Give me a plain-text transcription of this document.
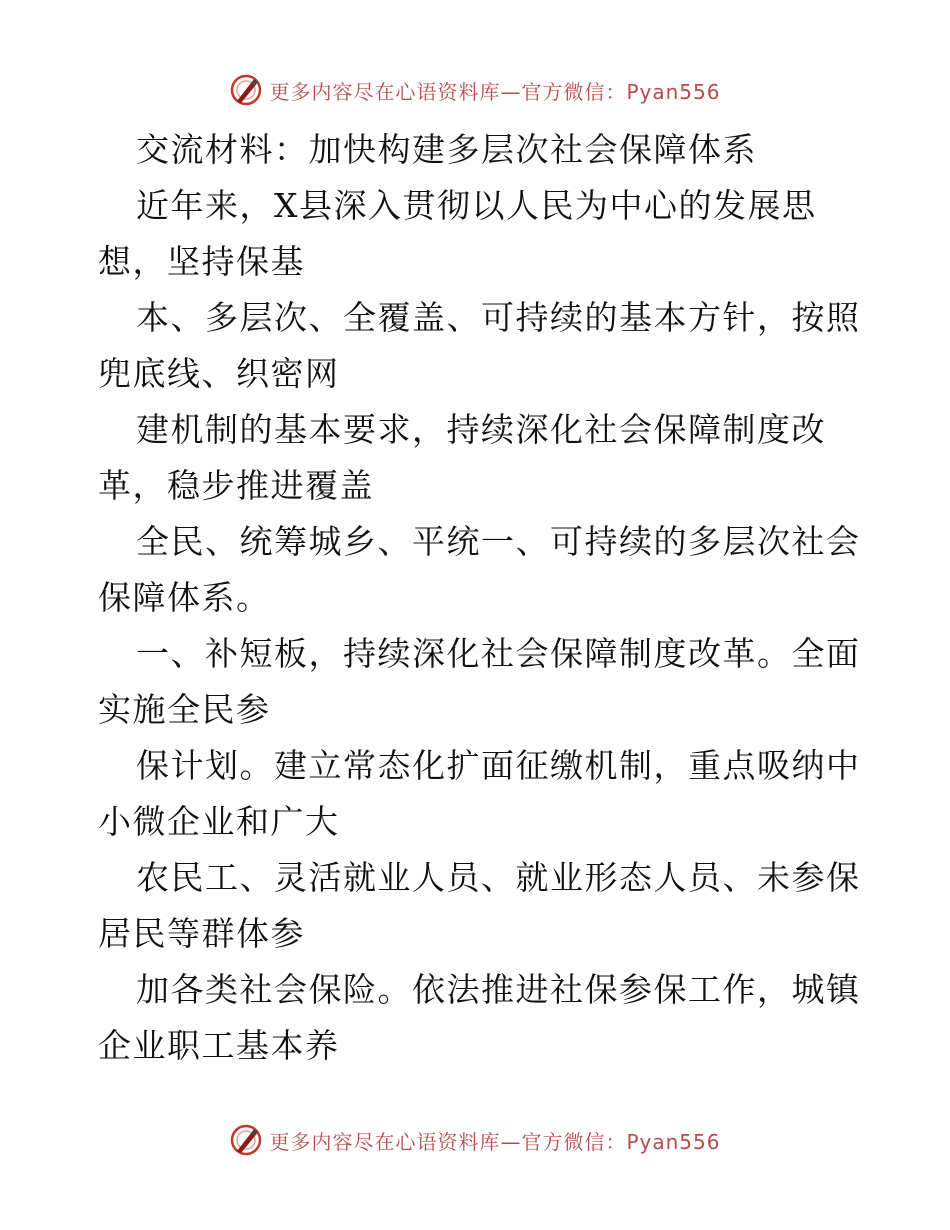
更多内容尽在心语资料库—官方微信：Pyan556
交流材料：加快构建多层次社会保障体系
近年来，X县深入贯彻以人民为中心的发展思
想，坚持保基
本、多层次、全覆盖、可持续的基本方针，按照
兜底线、织密网
建机制的基本要求，持续深化社会保障制度改
革，稳步推进覆盖
全民、统筹城乡、平统一、可持续的多层次社会
保障体系。
一、补短板，持续深化社会保障制度改革。全面
实施全民参
保计划。建立常态化扩面征缴机制，重点吸纳中
小微企业和广大
农民工、灵活就业人员、就业形态人员、未参保
居民等群体参
加各类社会保险。依法推进社保参保工作，城镇
企业职工基本养
更多内容尽在心语资料库—官方微信：Pyan556
